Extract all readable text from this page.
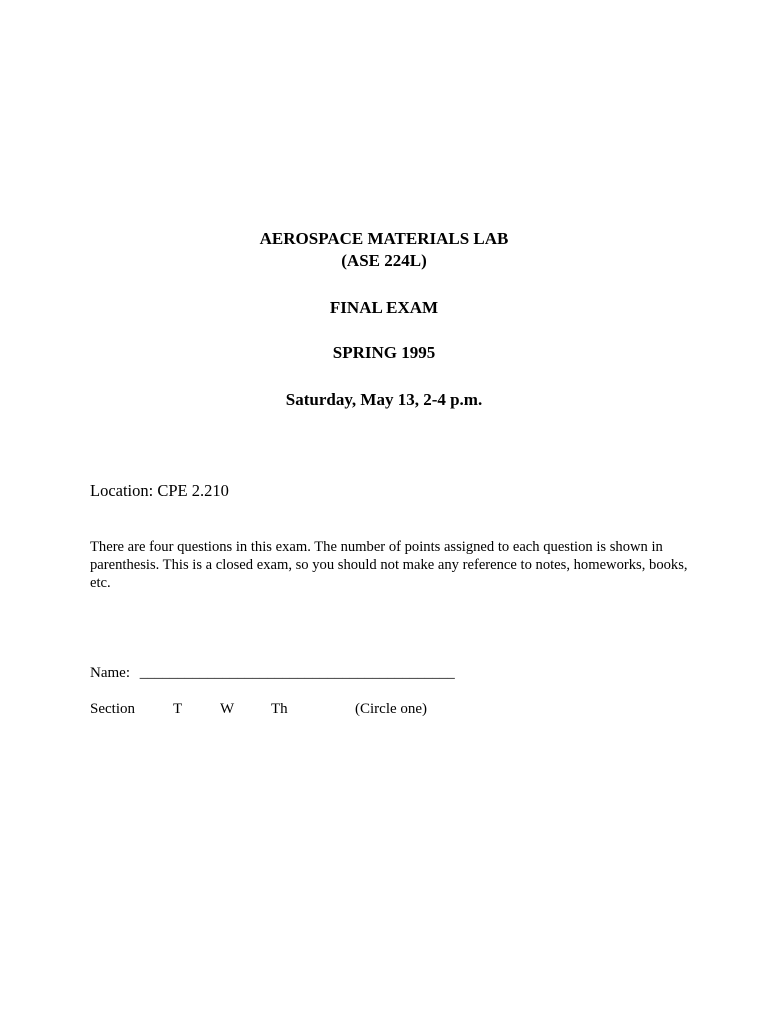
AEROSPACE MATERIALS LAB
(ASE 224L)
FINAL EXAM
SPRING 1995
Saturday, May 13, 2-4 p.m.
Location: CPE 2.210
There are four questions in this exam. The number of points assigned to each question is shown in parenthesis. This is a closed exam, so you should not make any reference to notes, homeworks, books, etc.
Name: __________________________________________
Section	T	W Th	(Circle one)
